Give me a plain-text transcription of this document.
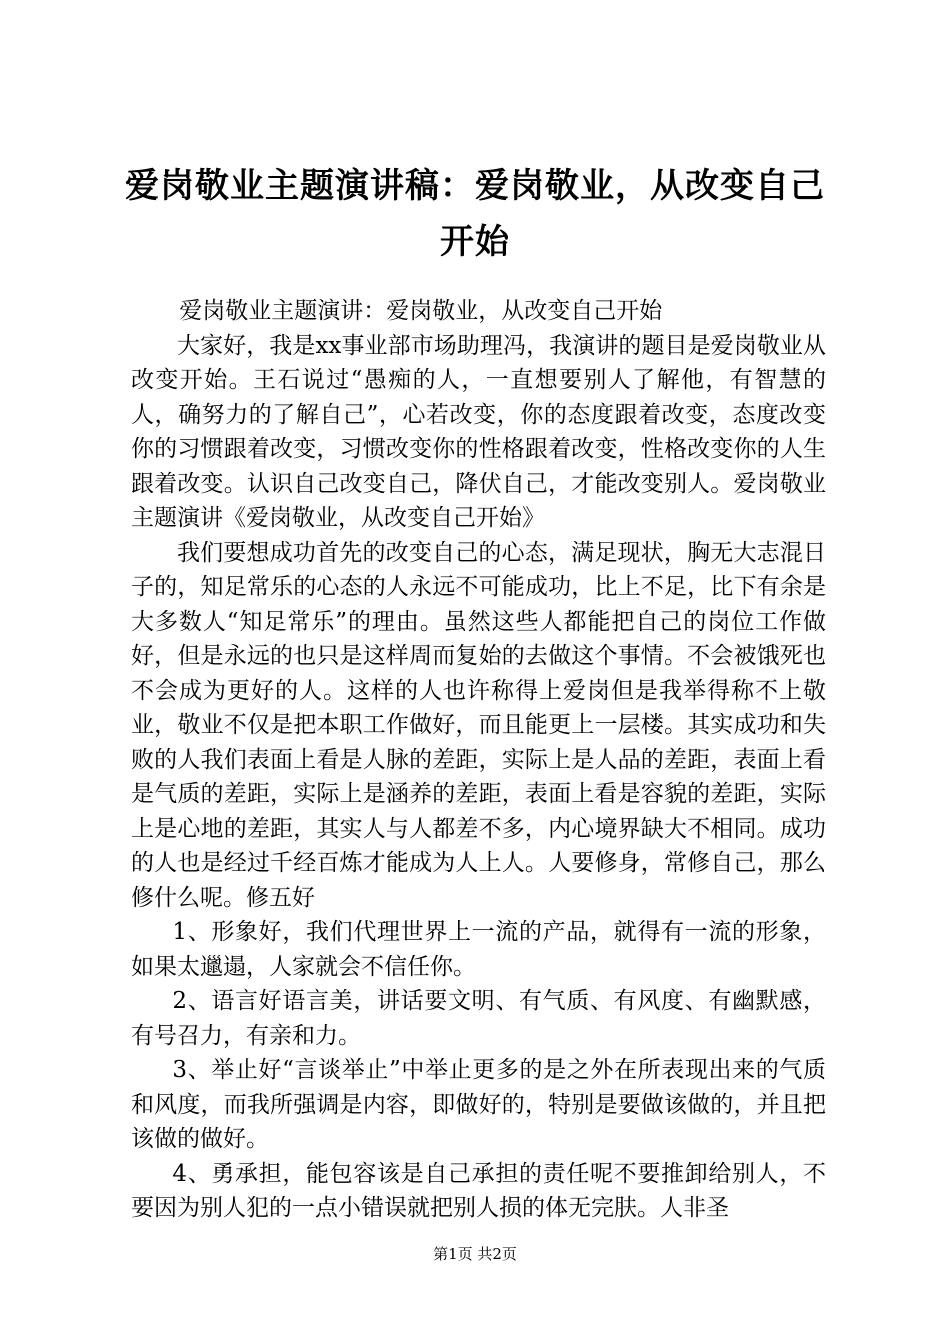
爱岗敬业主题演讲稿：爱岗敬业，从改变自己开始

爱岗敬业主题演讲：爱岗敬业，从改变自己开始

大家好，我是xx事业部市场助理冯，我演讲的题目是爱岗敬业从改变开始。王石说过“愚痴的人，一直想要别人了解他，有智慧的人，确努力的了解自己”，心若改变，你的态度跟着改变，态度改变你的习惯跟着改变，习惯改变你的性格跟着改变，性格改变你的人生跟着改变。认识自己改变自己，降伏自己，才能改变别人。爱岗敬业主题演讲《爱岗敬业，从改变自己开始》

我们要想成功首先的改变自己的心态，满足现状，胸无大志混日子的，知足常乐的心态的人永远不可能成功，比上不足，比下有余是大多数人“知足常乐”的理由。虽然这些人都能把自己的岗位工作做好，但是永远的也只是这样周而复始的去做这个事情。不会被饿死也不会成为更好的人。这样的人也许称得上爱岗但是我举得称不上敬业，敬业不仅是把本职工作做好，而且能更上一层楼。其实成功和失败的人我们表面上看是人脉的差距，实际上是人品的差距，表面上看是气质的差距，实际上是涵养的差距，表面上看是容貌的差距，实际上是心地的差距，其实人与人都差不多，内心境界缺大不相同。成功的人也是经过千经百炼才能成为人上人。人要修身，常修自己，那么修什么呢。修五好

1、形象好，我们代理世界上一流的产品，就得有一流的形象，如果太邋遢，人家就会不信任你。

2、语言好语言美，讲话要文明、有气质、有风度、有幽默感，有号召力，有亲和力。

3、举止好“言谈举止”中举止更多的是之外在所表现出来的气质和风度，而我所强调是内容，即做好的，特别是要做该做的，并且把该做的做好。

4、勇承担，能包容该是自己承担的责任呢不要推卸给别人，不要因为别人犯的一点小错误就把别人损的体无完肤。人非圣

第1页 共2页
